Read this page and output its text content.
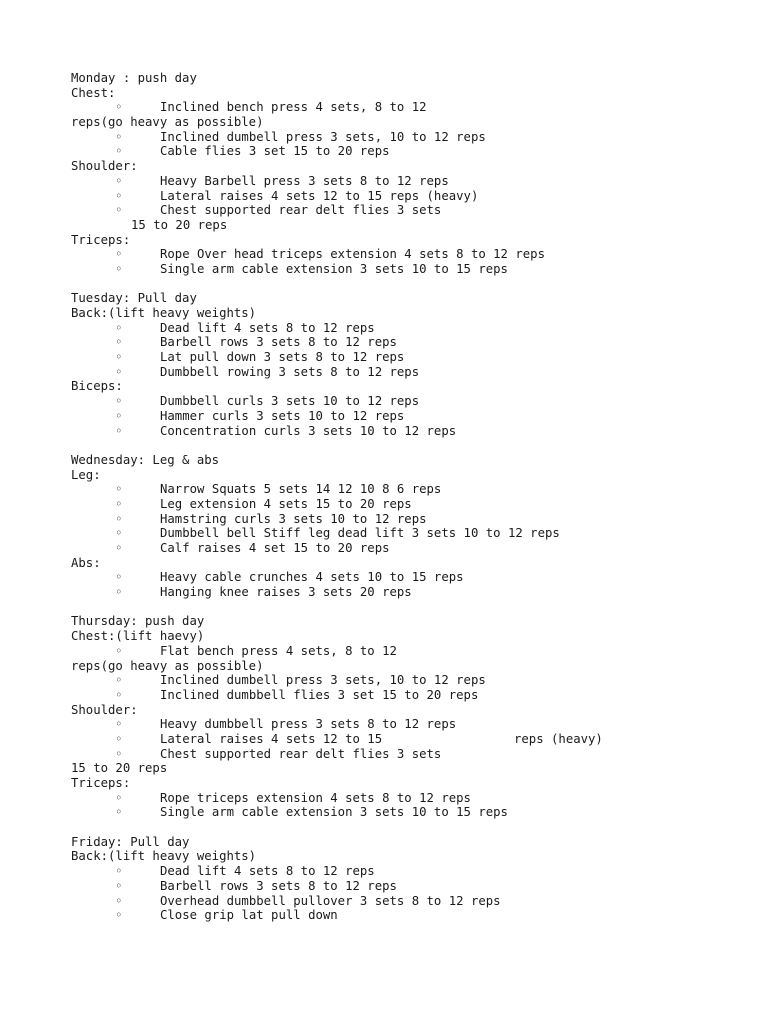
Monday : push day
Chest:
◦	Inclined bench press 4 sets, 8 to 12
reps(go heavy as possible)
◦	Inclined dumbell press 3 sets, 10 to 12 reps
◦	Cable flies 3 set 15 to 20 reps
Shoulder:
◦	Heavy Barbell press 3 sets 8 to 12 reps
◦	Lateral raises 4 sets 12 to 15 reps (heavy)
◦	Chest supported rear delt flies 3 sets
15 to 20 reps
Triceps:
◦	Rope Over head triceps extension 4 sets 8 to 12 reps
◦	Single arm cable extension 3 sets 10 to 15 reps
Tuesday: Pull day
Back:(lift heavy weights)
◦	Dead lift 4 sets 8 to 12 reps
◦	Barbell rows 3 sets 8 to 12 reps
◦	Lat pull down 3 sets 8 to 12 reps
◦	Dumbbell rowing 3 sets 8 to 12 reps
Biceps:
◦	Dumbbell curls 3 sets 10 to 12 reps
◦	Hammer curls 3 sets 10 to 12 reps
◦	Concentration curls 3 sets 10 to 12 reps
Wednesday: Leg & abs
Leg:
◦	Narrow Squats 5 sets 14 12 10 8 6 reps
◦	Leg extension 4 sets 15 to 20 reps
◦	Hamstring curls 3 sets 10 to 12 reps
◦	Dumbbell bell Stiff leg dead lift 3 sets 10 to 12 reps
◦	Calf raises 4 set 15 to 20 reps
Abs:
◦	Heavy cable crunches 4 sets 10 to 15 reps
◦	Hanging knee raises 3 sets 20 reps
Thursday: push day
Chest:(lift haevy)
◦	Flat bench press 4 sets, 8 to 12
reps(go heavy as possible)
◦	Inclined dumbell press 3 sets, 10 to 12 reps
◦	Inclined dumbbell flies 3 set 15 to 20 reps
Shoulder:
◦	Heavy dumbbell press 3 sets 8 to 12 reps
◦	Lateral raises 4 sets 12 to 15	reps (heavy)
◦	Chest supported rear delt flies 3 sets
15 to 20 reps
Triceps:
◦	Rope triceps extension 4 sets 8 to 12 reps
◦	Single arm cable extension 3 sets 10 to 15 reps
Friday: Pull day
Back:(lift heavy weights)
◦	Dead lift 4 sets 8 to 12 reps
◦	Barbell rows 3 sets 8 to 12 reps
◦	Overhead dumbbell pullover 3 sets 8 to 12 reps
◦	Close grip lat pull down
